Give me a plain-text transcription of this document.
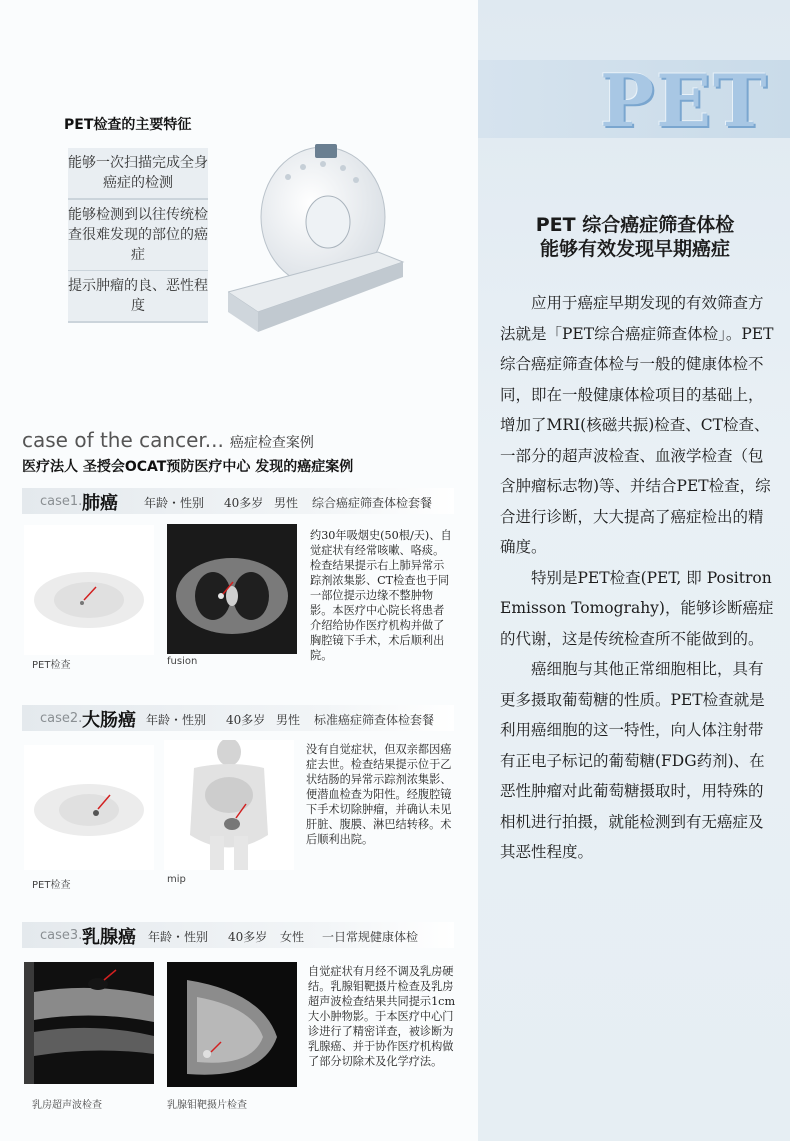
PET
PET检查的主要特征
能够一次扫描完成全身癌症的检测
能够检测到以往传统检查很难发现的部位的癌症
提示肿瘤的良、恶性程度
case of the cancer... 癌症检查案例
医疗法人 圣授会OCAT预防医疗中心 发现的癌症案例
case1. 肺癌 年龄・性别 40多岁 男性 综合癌症筛查体检套餐
PET检查	fusion
约30年吸烟史(50根/天)、自觉症状有经常咳嗽、咯痰。检查结果提示右上肺异常示踪剂浓集影、CT检查也于同一部位提示边缘不整肿物影。本医疗中心院长将患者介绍给协作医疗机构并做了胸腔镜下手术，术后顺利出院。
case2. 大肠癌 年龄・性别 40多岁 男性 标准癌症筛查体检套餐
PET检查
mip
没有自觉症状，但双亲都因癌症去世。检查结果提示位于乙状结肠的异常示踪剂浓集影、便潜血检查为阳性。经腹腔镜下手术切除肿瘤，并确认未见肝脏、腹膜、淋巴结转移。术后顺利出院。
case3. 乳腺癌 年龄・性别 40多岁 女性 一日常规健康体检
乳房超声波检查	乳腺钼靶摄片检查
自觉症状有月经不调及乳房硬结。乳腺钼靶摄片检查及乳房超声波检查结果共同提示1cm大小肿物影。于本医疗中心门诊进行了精密详查，被诊断为乳腺癌、并于协作医疗机构做了部分切除术及化学疗法。
PET 综合癌症筛查体检
能够有效发现早期癌症

应用于癌症早期发现的有效筛查方法就是「PET综合癌症筛查体检」。PET综合癌症筛查体检与一般的健康体检不同，即在一般健康体检项目的基础上，增加了MRI(核磁共振)检查、CT检查、一部分的超声波检查、血液学检查（包含肿瘤标志物)等、并结合PET检查，综合进行诊断，大大提高了癌症检出的精确度。

特别是PET检查(PET, 即 Positron Emisson Tomograhy)，能够诊断癌症的代谢，这是传统检查所不能做到的。

癌细胞与其他正常细胞相比，具有更多摄取葡萄糖的性质。PET检查就是利用癌细胞的这一特性，向人体注射带有正电子标记的葡萄糖(FDG药剂)、在恶性肿瘤对此葡萄糖摄取时，用特殊的相机进行拍摄，就能检测到有无癌症及其恶性程度。
